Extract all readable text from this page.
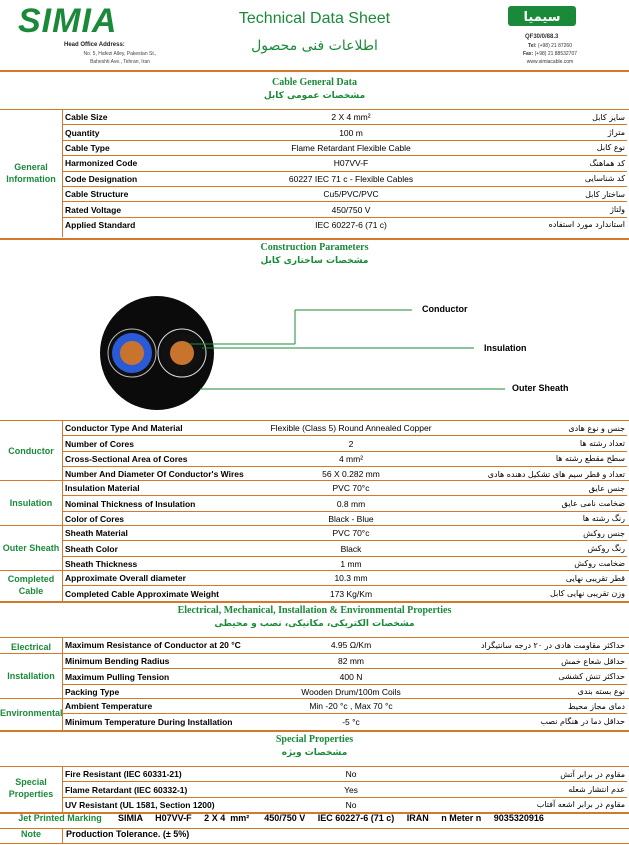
SIMIA
Head Office Address:
No. 5, Hafezi Alley, Pakestan St.,
Baheshti Ave., Tehran, Iran
Technical Data Sheet
اطلاعات فنی محصول
سیمیا
QF30/0/88.3
Tel: (+98) 21 87260
Fax: (+98) 21 88532707
www.simiacable.com
Cable General Data
مشخصات عمومی کابل
General
Information
Cable Size	2 X 4 mm²	سایز کابل
Quantity	100 m	متراژ
Cable Type	Flame Retardant Flexible Cable	نوع کابل
Harmonized Code	H07VV-F	کد هماهنگ
Code Designation	60227 IEC 71 c - Flexible Cables	کد شناسایی
Cable Structure	Cu5/PVC/PVC	ساختار کابل
Rated Voltage	450/750 V	ولتاژ
Applied Standard	IEC 60227-6 (71 c)	استاندارد مورد استفاده
Construction Parameters
مشخصات ساختاری کابل
Conductor
Insulation
Outer Sheath
Conductor
Insulation
Outer Sheath
Completed
Cable
Conductor Type And Material	Flexible (Class 5) Round Annealed Copper	جنس و نوع هادی
Number of Cores	2	تعداد رشته ها
Cross-Sectional Area of Cores	4 mm²	سطح مقطع رشته ها
Number And Diameter Of Conductor's Wires	56 X 0.282 mm	تعداد و قطر سیم های تشکیل دهنده هادی
Insulation Material	PVC 70°c	جنس عایق
Nominal Thickness of Insulation	0.8 mm	ضخامت نامی عایق
Color of Cores	Black - Blue	رنگ رشته ها
Sheath Material	PVC 70°c	جنس روکش
Sheath Color	Black	رنگ روکش
Sheath Thickness	1 mm	ضخامت روکش
Approximate Overall diameter	10.3 mm	قطر تقریبی نهایی
Completed Cable Approximate Weight	173 Kg/Km	وزن تقریبی نهایی کابل
Electrical, Mechanical, Installation & Environmental Properties
مشخصات الکتریکی، مکانیکی، نصب و محیطی
Electrical
Installation
Environmental
Maximum Resistance of Conductor at 20 °C	4.95 Ω/Km	حداکثر مقاومت هادی در ۲۰ درجه سانتیگراد
Minimum Bending Radius	82 mm	حداقل شعاع خمش
Maximum Pulling Tension	400 N	حداکثر تنش کششی
Packing Type	Wooden Drum/100m Coils	نوع بسته بندی
Ambient Temperature	Min -20 °c , Max 70 °c	دمای مجاز محیط
Minimum Temperature During Installation	-5 °c	حداقل دما در هنگام نصب
Special Properties
مشخصات ویژه
Special
Properties
Fire Resistant (IEC 60331-21)	No	مقاوم در برابر آتش
Flame Retardant (IEC 60332-1)	Yes	عدم انتشار شعله
UV Resistant (UL 1581, Section 1200)	No	مقاوم در برابر اشعه آفتاب
Jet Printed Marking	SIMIA     H07VV-F     2 X 4  mm²      450/750 V     IEC 60227-6 (71 c)     IRAN     n Meter n     9035320916
Note	Production Tolerance. (± 5%)
